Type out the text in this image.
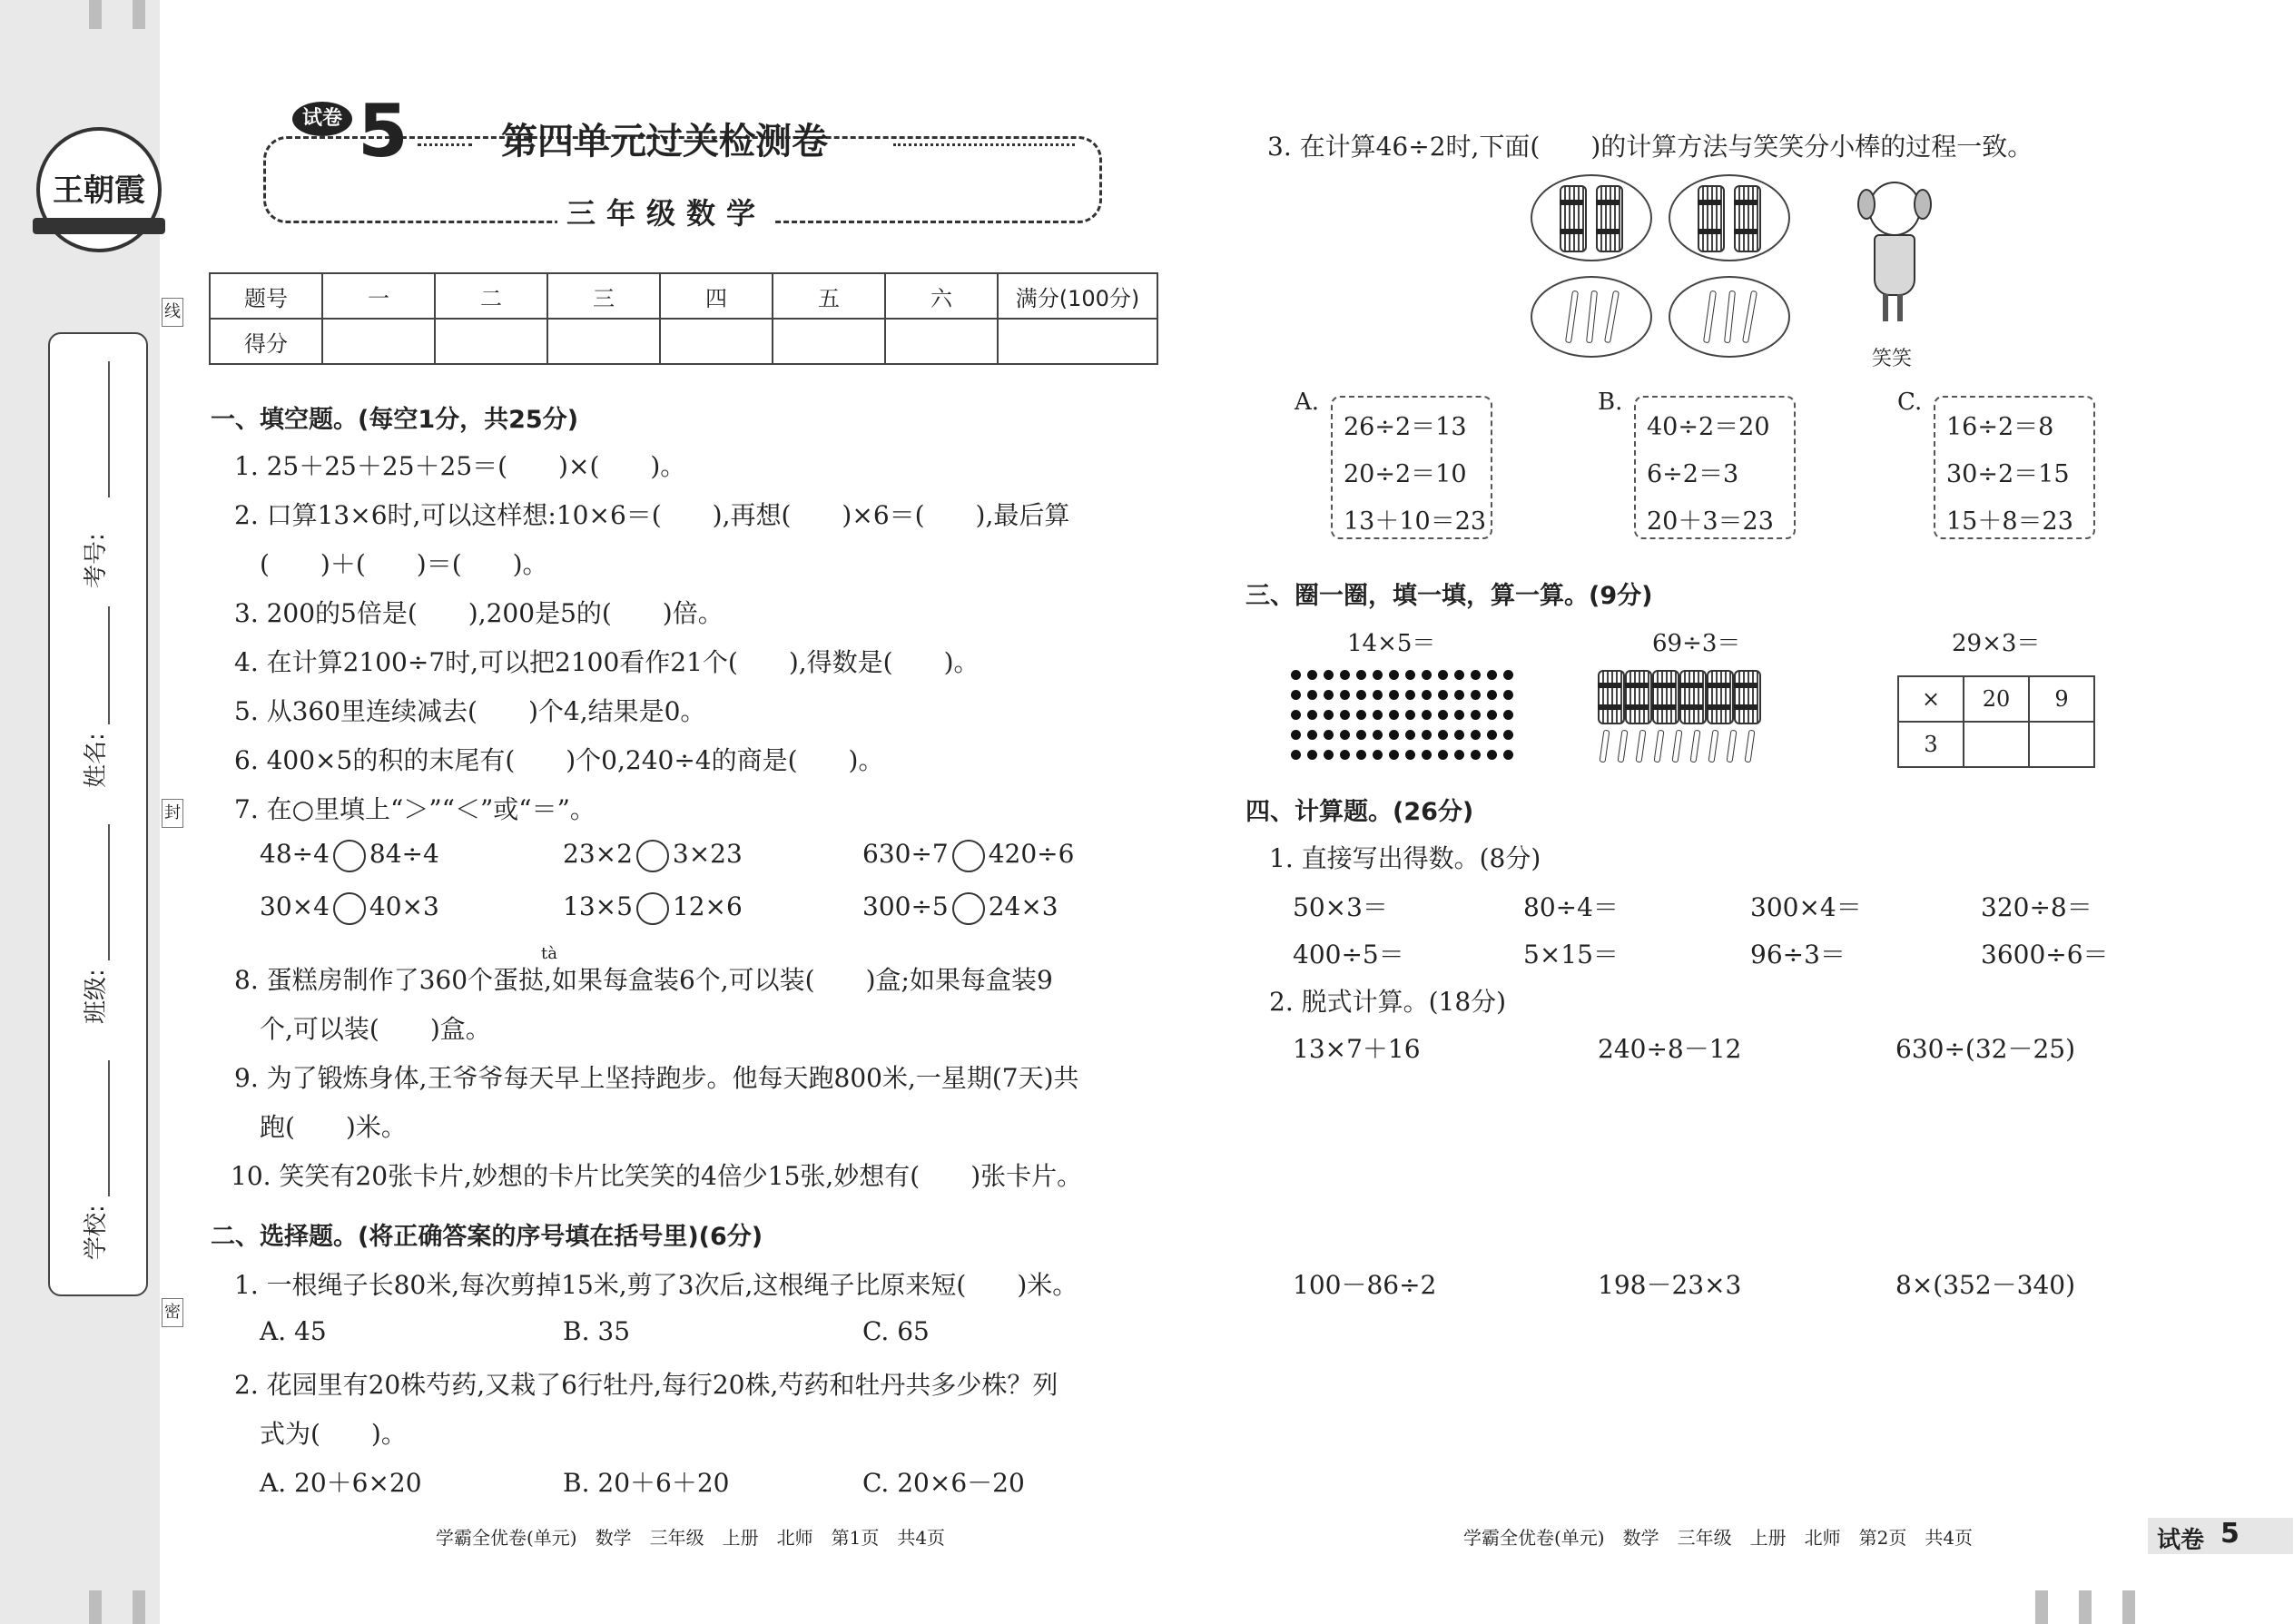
王朝霞
考号:
姓名:
班级:
学校:
线
封
密
试卷 5	第四单元过关检测卷
三年级数学
题号	一	二	三	四	五	六	满分(100分)
得分							
一、填空题。(每空1分，共25分)
1. 25＋25＋25＋25＝(　　)×(　　)。
2. 口算13×6时,可以这样想:10×6＝(　　),再想(　　)×6＝(　　),最后算
(　　)＋(　　)＝(　　)。
3. 200的5倍是(　　),200是5的(　　)倍。
4. 在计算2100÷7时,可以把2100看作21个(　　),得数是(　　)。
5. 从360里连续减去(　　)个4,结果是0。
6. 400×5的积的末尾有(　　)个0,240÷4的商是(　　)。
7. 在○里填上“＞”“＜”或“＝”。
48÷4 84÷4	23×2 3×23	630÷7 420÷6
30×4 40×3	13×5 12×6	300÷5 24×3
tà
8. 蛋糕房制作了360个蛋挞,如果每盒装6个,可以装(　　)盒;如果每盒装9
个,可以装(　　)盒。
9. 为了锻炼身体,王爷爷每天早上坚持跑步。他每天跑800米,一星期(7天)共
跑(　　)米。
10. 笑笑有20张卡片,妙想的卡片比笑笑的4倍少15张,妙想有(　　)张卡片。
二、选择题。(将正确答案的序号填在括号里)(6分)
1. 一根绳子长80米,每次剪掉15米,剪了3次后,这根绳子比原来短(　　)米。
A. 45	B. 35	C. 65
2. 花园里有20株芍药,又栽了6行牡丹,每行20株,芍药和牡丹共多少株？列
式为(　　)。
A. 20＋6×20	B. 20＋6＋20	C. 20×6－20
学霸全优卷(单元)　数学　三年级　上册　北师　第1页　共4页
3. 在计算46÷2时,下面(　　)的计算方法与笑笑分小棒的过程一致。
笑笑
A.
26÷2＝13
20÷2＝10
13＋10＝23
B.
40÷2＝20
6÷2＝3
20＋3＝23
C.
16÷2＝8
30÷2＝15
15＋8＝23
三、圈一圈，填一填，算一算。(9分)
14×5＝	69÷3＝	29×3＝
×	20	9
3		
四、计算题。(26分)
1. 直接写出得数。(8分)
50×3＝	80÷4＝	300×4＝	320÷8＝
400÷5＝	5×15＝	96÷3＝	3600÷6＝
2. 脱式计算。(18分)
13×7＋16	240÷8－12	630÷(32－25)
100－86÷2	198－23×3	8×(352－340)
学霸全优卷(单元)　数学　三年级　上册　北师　第2页　共4页	试卷 5
